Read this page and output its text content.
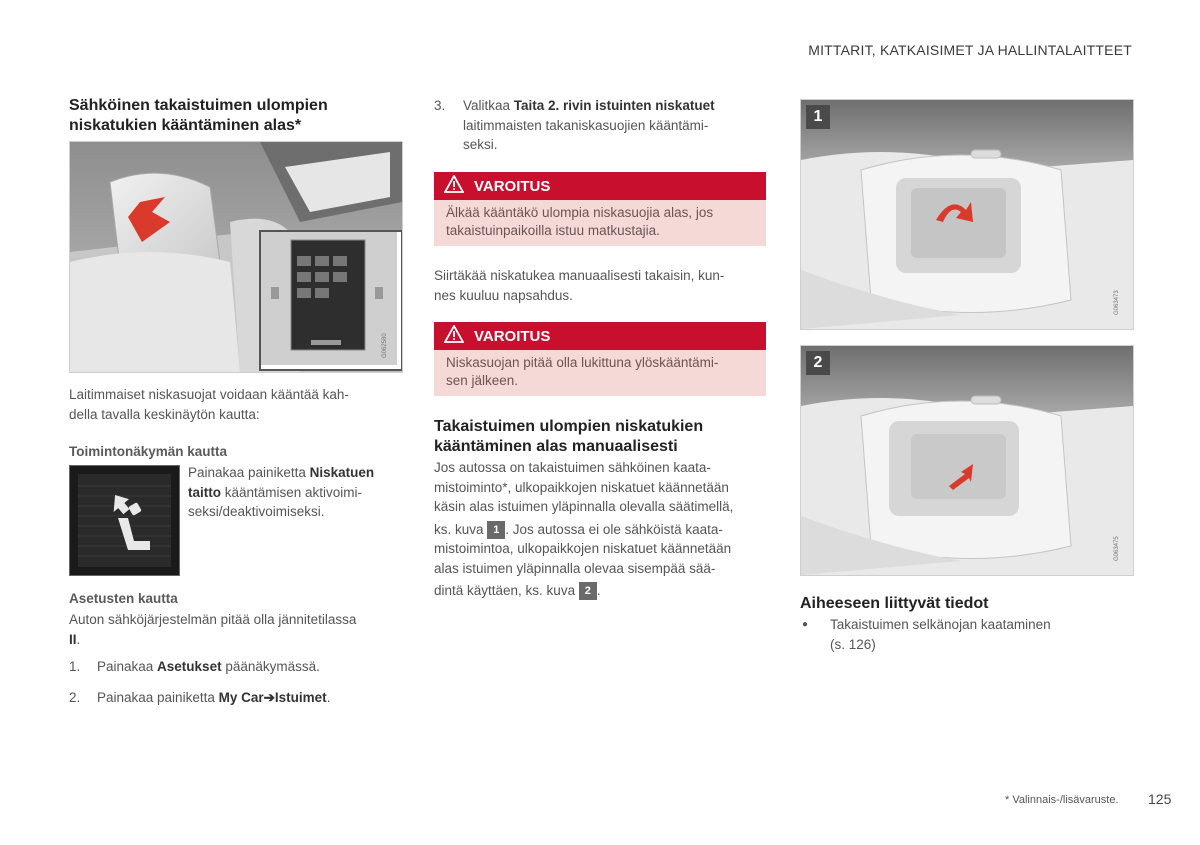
MITTARIT, KATKAISIMET JA HALLINTALAITTEET
Sähköinen takaistuimen ulompien
niskatukien kääntäminen alas*
G062580
Laitimmaiset niskasuojat voidaan kääntää kah-
della tavalla keskinäytön kautta:
Toimintonäkymän kautta
Painakaa painiketta Niskatuen
taitto kääntämisen aktivoimi-
seksi/deaktivoimiseksi.
Asetusten kautta
Auton sähköjärjestelmän pitää olla jännitetilassa
II.
1. Painakaa Asetukset päänäkymässä.
2. Painakaa painiketta My Car➔Istuimet.
3. Valitkaa Taita 2. rivin istuinten niskatuet
laitimmaisten takaniskasuojien kääntämi-
seksi.
VAROITUS
Älkää kääntäkö ulompia niskasuojia alas, jos
takaistuinpaikoilla istuu matkustajia.
Siirtäkää niskatukea manuaalisesti takaisin, kun-
nes kuuluu napsahdus.
VAROITUS
Niskasuojan pitää olla lukittuna ylöskääntämi-
sen jälkeen.
Takaistuimen ulompien niskatukien
kääntäminen alas manuaalisesti
Jos autossa on takaistuimen sähköinen kaata-
mistoiminto*, ulkopaikkojen niskatuet käännetään
käsin alas istuimen yläpinnalla olevalla säätimellä,
ks. kuva 1 . Jos autossa ei ole sähköistä kaata-
mistoimintoa, ulkopaikkojen niskatuet käännetään
alas istuimen yläpinnalla olevaa sisempää sää-
dintä käyttäen, ks. kuva 2 .
1
G063473
2
G063475
Aiheeseen liittyvät tiedot
●	Takaistuimen selkänojan kaataminen
(s. 126)
* Valinnais-/lisävaruste. 125
